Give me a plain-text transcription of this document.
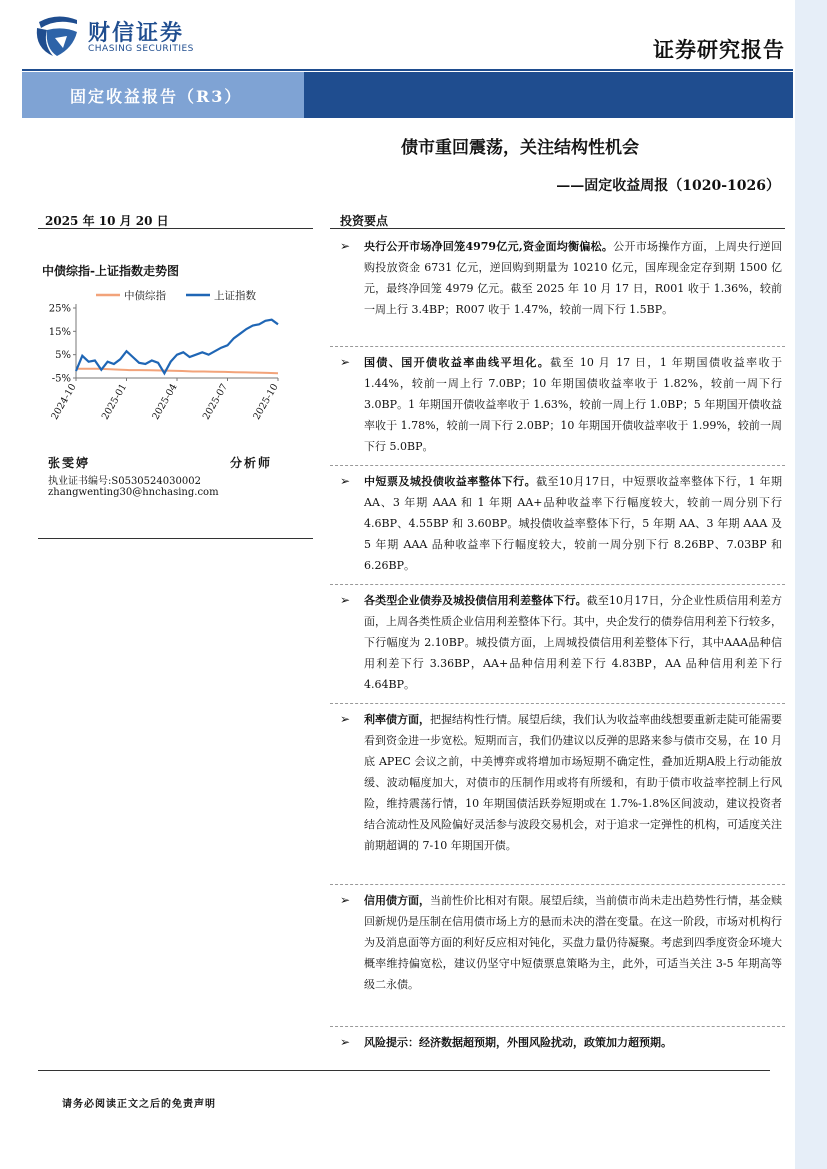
财信证券
CHASING SECURITIES	证券研究报告
固定收益报告（R3）
债市重回震荡，关注结构性机会
——固定收益周报（1020-1026）
2025 年 10 月 20 日
中债综指-上证指数走势图
25%
15%
5%
-5%
2024-10 2025-01 2025-04 2025-07 2025-10
中债综指	上证指数
张雯婷	分析师
执业证书编号:S0530524030002
zhangwenting30@hnchasing.com
投资要点
➢ 央行公开市场净回笼4979亿元,资金面均衡偏松。公开市场操作方面，上周央行逆回购投放资金 6731 亿元，逆回购到期量为 10210 亿元，国库现金定存到期 1500 亿元，最终净回笼 4979 亿元。截至 2025 年 10 月 17 日，R001 收于 1.36%，较前一周上行 3.4BP；R007 收于 1.47%，较前一周下行 1.5BP。
➢ 国债、国开债收益率曲线平坦化。截至 10 月 17 日，1 年期国债收益率收于 1.44%，较前一周上行 7.0BP；10 年期国债收益率收于 1.82%，较前一周下行 3.0BP。1 年期国开债收益率收于 1.63%，较前一周上行 1.0BP；5 年期国开债收益率收于 1.78%，较前一周下行 2.0BP；10 年期国开债收益率收于 1.99%，较前一周下行 5.0BP。
➢ 中短票及城投债收益率整体下行。截至10月17日，中短票收益率整体下行，1 年期 AA、3 年期 AAA 和 1 年期 AA+品种收益率下行幅度较大，较前一周分别下行 4.6BP、4.55BP 和 3.60BP。城投债收益率整体下行，5 年期 AA、3 年期 AAA 及 5 年期 AAA 品种收益率下行幅度较大，较前一周分别下行 8.26BP、7.03BP 和 6.26BP。
➢ 各类型企业债券及城投债信用利差整体下行。截至10月17日，分企业性质信用利差方面，上周各类性质企业信用利差整体下行。其中，央企发行的债券信用利差下行较多，下行幅度为 2.10BP。城投债方面，上周城投债信用利差整体下行，其中AAA品种信用利差下行 3.36BP，AA+品种信用利差下行 4.83BP，AA 品种信用利差下行 4.64BP。
➢ 利率债方面，把握结构性行情。展望后续，我们认为收益率曲线想要重新走陡可能需要看到资金进一步宽松。短期而言，我们仍建议以反弹的思路来参与债市交易，在 10 月底 APEC 会议之前，中美博弈或将增加市场短期不确定性，叠加近期A股上行动能放缓、波动幅度加大，对债市的压制作用或将有所缓和，有助于债市收益率控制上行风险，维持震荡行情，10 年期国债活跃券短期或在 1.7%-1.8%区间波动，建议投资者结合流动性及风险偏好灵活参与波段交易机会，对于追求一定弹性的机构，可适度关注前期超调的 7-10 年期国开债。
➢ 信用债方面，当前性价比相对有限。展望后续，当前债市尚未走出趋势性行情，基金赎回新规仍是压制在信用债市场上方的悬而未决的潜在变量。在这一阶段，市场对机构行为及消息面等方面的利好反应相对钝化，买盘力量仍待凝聚。考虑到四季度资金环境大概率维持偏宽松，建议仍坚守中短债票息策略为主，此外，可适当关注 3-5 年期高等级二永债。
➢ 风险提示：经济数据超预期，外围风险扰动，政策加力超预期。
请务必阅读正文之后的免责声明
